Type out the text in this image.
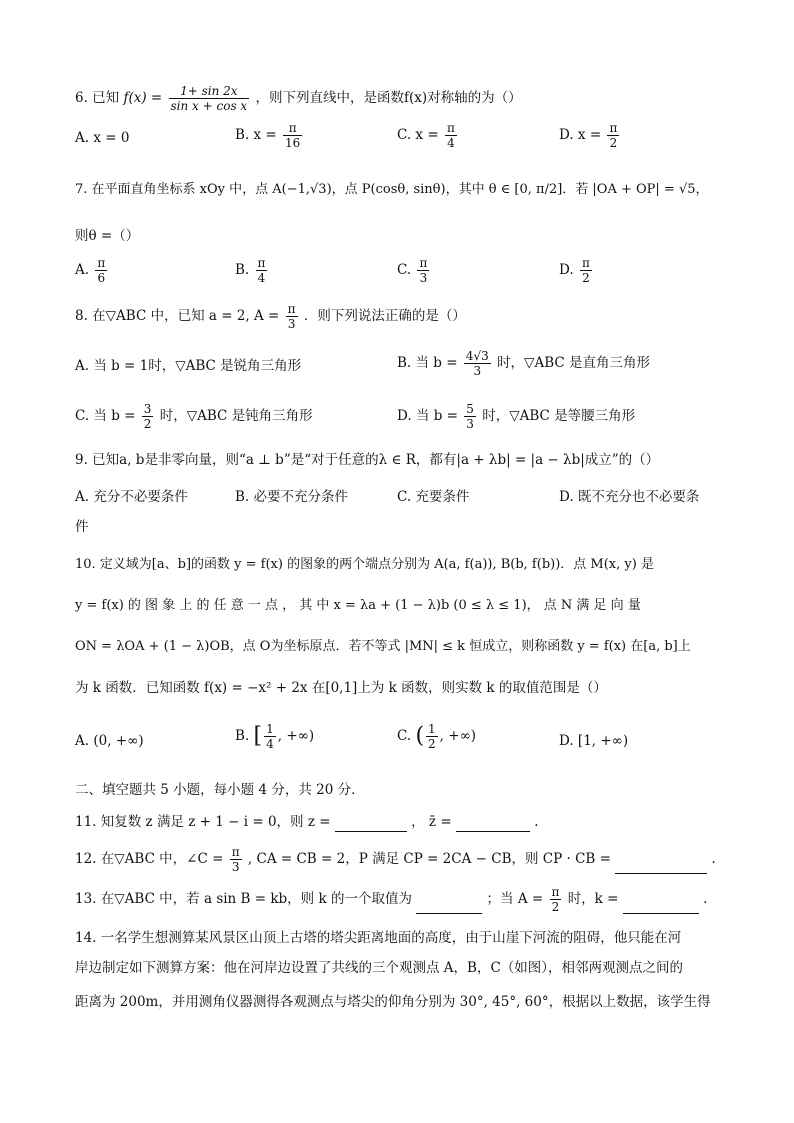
6. 已知 $f(x) = \frac{1+ \sin 2x}{\text{sin x + cos x}}$ ，则下列直线中，是函数f(x)对称轴的为（）
A. x = 0	B. $x = \frac{\pi}{16}$	C. $x = \frac{\pi}{4}$	D. $x = \frac{\pi}{2}$
7. 在平面直角坐标系 xOy 中，点 A(−1,√3)，点 P(cosθ, sinθ)，其中 θ ∈ [0, π/2]．若 |OA + OP| = √5，
则θ =（）
A. $\frac{\pi}{6}$	B. $\frac{\pi}{4}$	C. $\frac{\pi}{3}$	D. $\frac{\pi}{2}$
8. 在▽ABC 中，已知 a = 2, $A = \frac{\pi}{3}$ ．则下列说法正确的是（）
A. 当 b = 1时，▽ABC 是锐角三角形	B. 当 $b = \frac{4√3}{3}$ 时，▽ABC 是直角三角形
C. 当 $b = \frac{3}{2}$ 时，▽ABC 是钝角三角形	D. 当 $b = \frac{5}{3}$ 时，▽ABC 是等腰三角形
9. 已知a, b是非零向量，则“a ⊥ b”是“对于任意的λ ∈ R，都有|a + λb| = |a − λb|成立”的（）
A. 充分不必要条件	B. 必要不充分条件	C. 充要条件	D. 既不充分也不必要条
件
10. 定义域为[a、b]的函数 y = f(x) 的图象的两个端点分别为 A(a, f(a)), B(b, f(b))．点 M(x, y) 是
y = f(x) 的 图 象 上 的 任 意 一 点 ， 其 中 x = λa + (1 − λ)b (0 ≤ λ ≤ 1)， 点 N 满 足 向 量
ON = λOA + (1 − λ)OB，点 O为坐标原点．若不等式 |MN| ≤ k 恒成立，则称函数 y = f(x) 在[a, b]上
为 k 函数．已知函数 f(x) = −x² + 2x 在[0,1]上为 k 函数，则实数 k 的取值范围是（）
A. (0, +∞)	B. [ $\frac{1}{4}$ , +∞)	C. ( $\frac{1}{2}$ , +∞)	D. [1, +∞)
二、填空题共 5 小题，每小题 4 分，共 20 分．
11. 知复数 z 满足 z + 1 − i = 0，则 z =	， z̄ =	.
12. 在▽ABC 中，∠C = $\frac{\pi}{3}$ , CA = CB = 2，P 满足 CP = 2CA − CB，则 CP · CB =	.
13. 在▽ABC 中，若 a sin B = kb，则 k 的一个取值为	；当 $A = \frac{\pi}{2}$ 时，k =	.
14. 一名学生想测算某风景区山顶上古塔的塔尖距离地面的高度，由于山崖下河流的阻碍，他只能在河
岸边制定如下测算方案：他在河岸边设置了共线的三个观测点 A，B，C（如图），相邻两观测点之间的
距离为 200m，并用测角仪器测得各观测点与塔尖的仰角分别为 30°, 45°, 60°，根据以上数据，该学生得
